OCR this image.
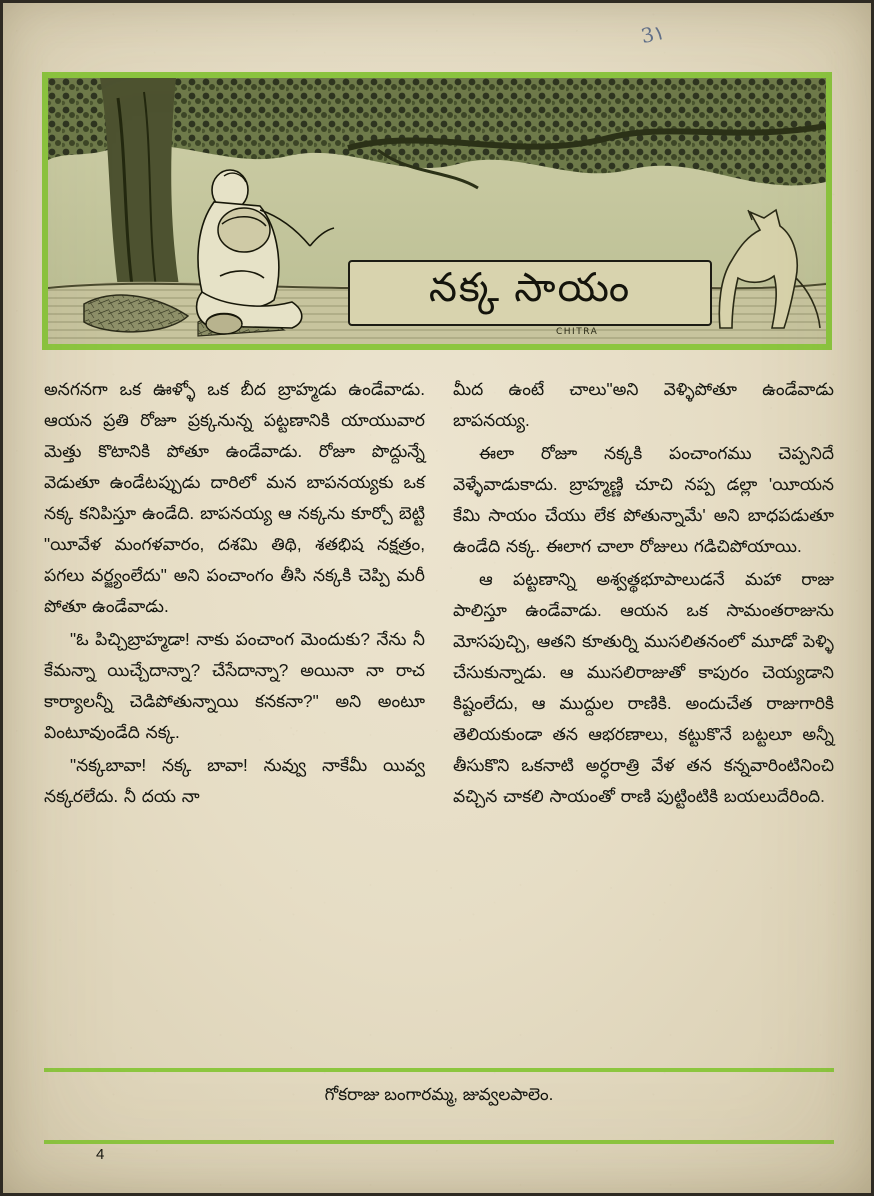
3١
CHITRA
నక్క సాయం

అనగనగా ఒక ఊళ్ళో ఒక బీద బ్రాహ్మడు ఉండేవాడు. ఆయన ప్రతి రోజూ ప్రక్కనున్న పట్టణానికి యాయువార మెత్తు కొటానికి పోతూ ఉండేవాడు. రోజూ పొద్దున్నే వెడుతూ ఉండేటప్పుడు దారిలో మన బాపనయ్యకు ఒక నక్క కనిపిస్తూ ఉండేది. బాపనయ్య ఆ నక్కను కూర్చో బెట్టి "యీవేళ మంగళవారం, దశమి తిథి, శతభిష నక్షత్రం, పగలు వర్జ్యంలేదు" అని పంచాంగం తీసి నక్కకి చెప్పి మరీ పోతూ ఉండేవాడు.

"ఓ పిచ్చిబ్రాహ్మడా! నాకు పంచాంగ మెందుకు? నేను నీ కేమన్నా యిచ్చేదాన్నా? చేసేదాన్నా? అయినా నా రాచ కార్యాలన్నీ చెడిపోతున్నాయి కనకనా?" అని అంటూ వింటూవుండేది నక్క.

"నక్కబావా! నక్క బావా! నువ్వు నాకేమీ యివ్వ నక్కరలేదు. నీ దయ నా

మీద ఉంటే చాలు"అని వెళ్ళిపోతూ ఉండేవాడు బాపనయ్య.

ఈలా రోజూ నక్కకి పంచాంగము చెప్పనిదే వెళ్ళేవాడుకాదు. బ్రాహ్మణ్ణి చూచి నప్ప డల్లా 'యీయన కేమి సాయం చేయు లేక పోతున్నామే' అని బాధపడుతూ ఉండేది నక్క. ఈలాగ చాలా రోజులు గడిచిపోయాయి.

ఆ పట్టణాన్ని అశ్వత్థభూపాలుడనే మహా రాజు పాలిస్తూ ఉండేవాడు. ఆయన ఒక సామంతరాజును మోసపుచ్చి, ఆతని కూతుర్ని ముసలితనంలో మూడో పెళ్ళి చేసుకున్నాడు. ఆ ముసలిరాజుతో కాపురం చెయ్యడాని కిష్టంలేదు, ఆ ముద్దుల రాణికి. అందుచేత రాజుగారికి తెలియకుండా తన ఆభరణాలు, కట్టుకొనే బట్టలూ అన్నీ తీసుకొని ఒకనాటి అర్ధరాత్రి వేళ తన కన్నవారింటినించి వచ్చిన చాకలి సాయంతో రాణి పుట్టింటికి బయలుదేరింది.

గోకరాజు బంగారమ్మ, జువ్వలపాలెం.
4
